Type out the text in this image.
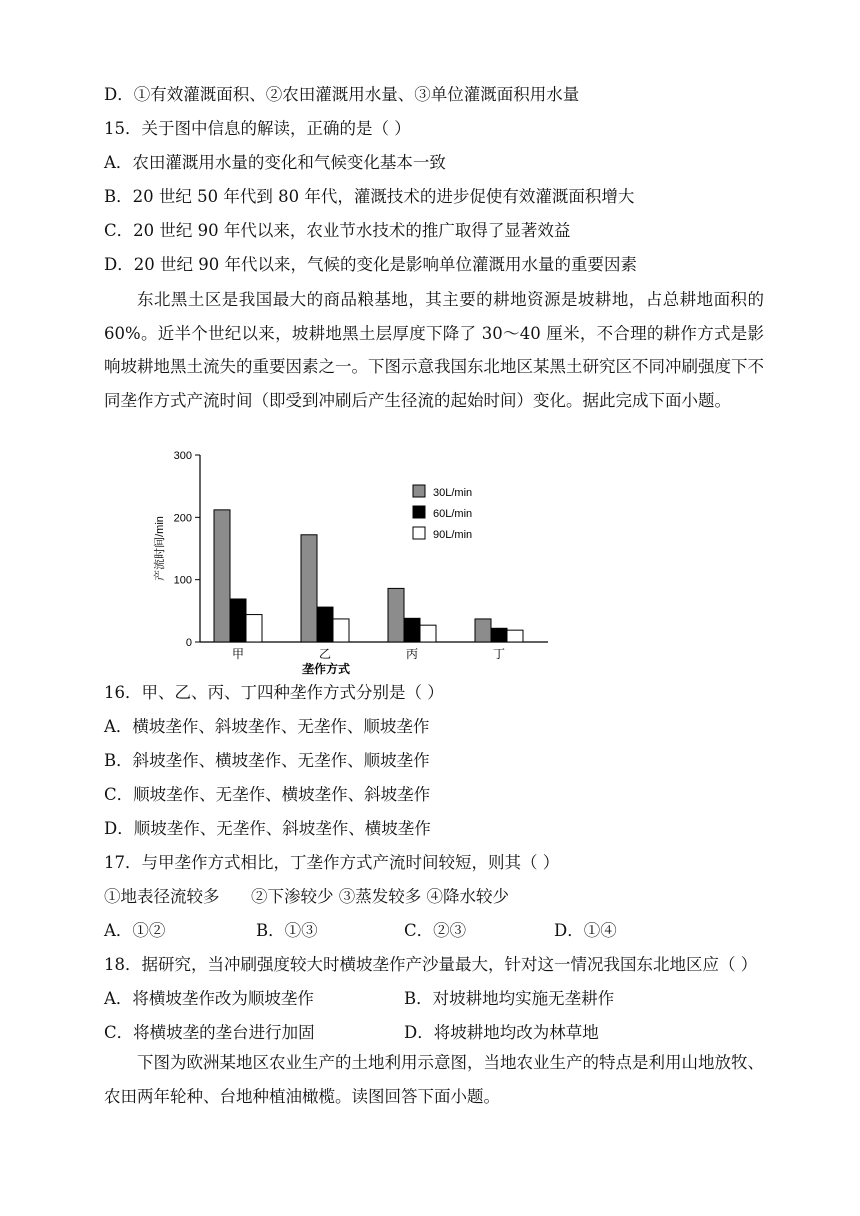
D．①有效灌溉面积、②农田灌溉用水量、③单位灌溉面积用水量
15．关于图中信息的解读，正确的是（ ）
A．农田灌溉用水量的变化和气候变化基本一致
B．20 世纪 50 年代到 80 年代，灌溉技术的进步促使有效灌溉面积增大
C．20 世纪 90 年代以来，农业节水技术的推广取得了显著效益
D．20 世纪 90 年代以来，气候的变化是影响单位灌溉用水量的重要因素
东北黑土区是我国最大的商品粮基地，其主要的耕地资源是坡耕地，占总耕地面积的 60%。近半个世纪以来，坡耕地黑土层厚度下降了 30～40 厘米，不合理的耕作方式是影响坡耕地黑土流失的重要因素之一。下图示意我国东北地区某黑土研究区不同冲刷强度下不同垄作方式产流时间（即受到冲刷后产生径流的起始时间）变化。据此完成下面小题。
0
100
200
300
产流时间/min
甲	乙	丙	丁
垄作方式
30L/min
60L/min
90L/min
16．甲、乙、丙、丁四种垄作方式分别是（ ）
A．横坡垄作、斜坡垄作、无垄作、顺坡垄作
B．斜坡垄作、横坡垄作、无垄作、顺坡垄作
C．顺坡垄作、无垄作、横坡垄作、斜坡垄作
D．顺坡垄作、无垄作、斜坡垄作、横坡垄作
17．与甲垄作方式相比，丁垄作方式产流时间较短，则其（ ）
①地表径流较多      ②下渗较少 ③蒸发较多 ④降水较少
A．①②	B．①③	C．②③	D．①④
18．据研究，当冲刷强度较大时横坡垄作产沙量最大，针对这一情况我国东北地区应（ ）
A．将横坡垄作改为顺坡垄作	B．对坡耕地均实施无垄耕作
C．将横坡垄的垄台进行加固	D．将坡耕地均改为林草地
下图为欧洲某地区农业生产的土地利用示意图，当地农业生产的特点是利用山地放牧、农田两年轮种、台地种植油橄榄。读图回答下面小题。
